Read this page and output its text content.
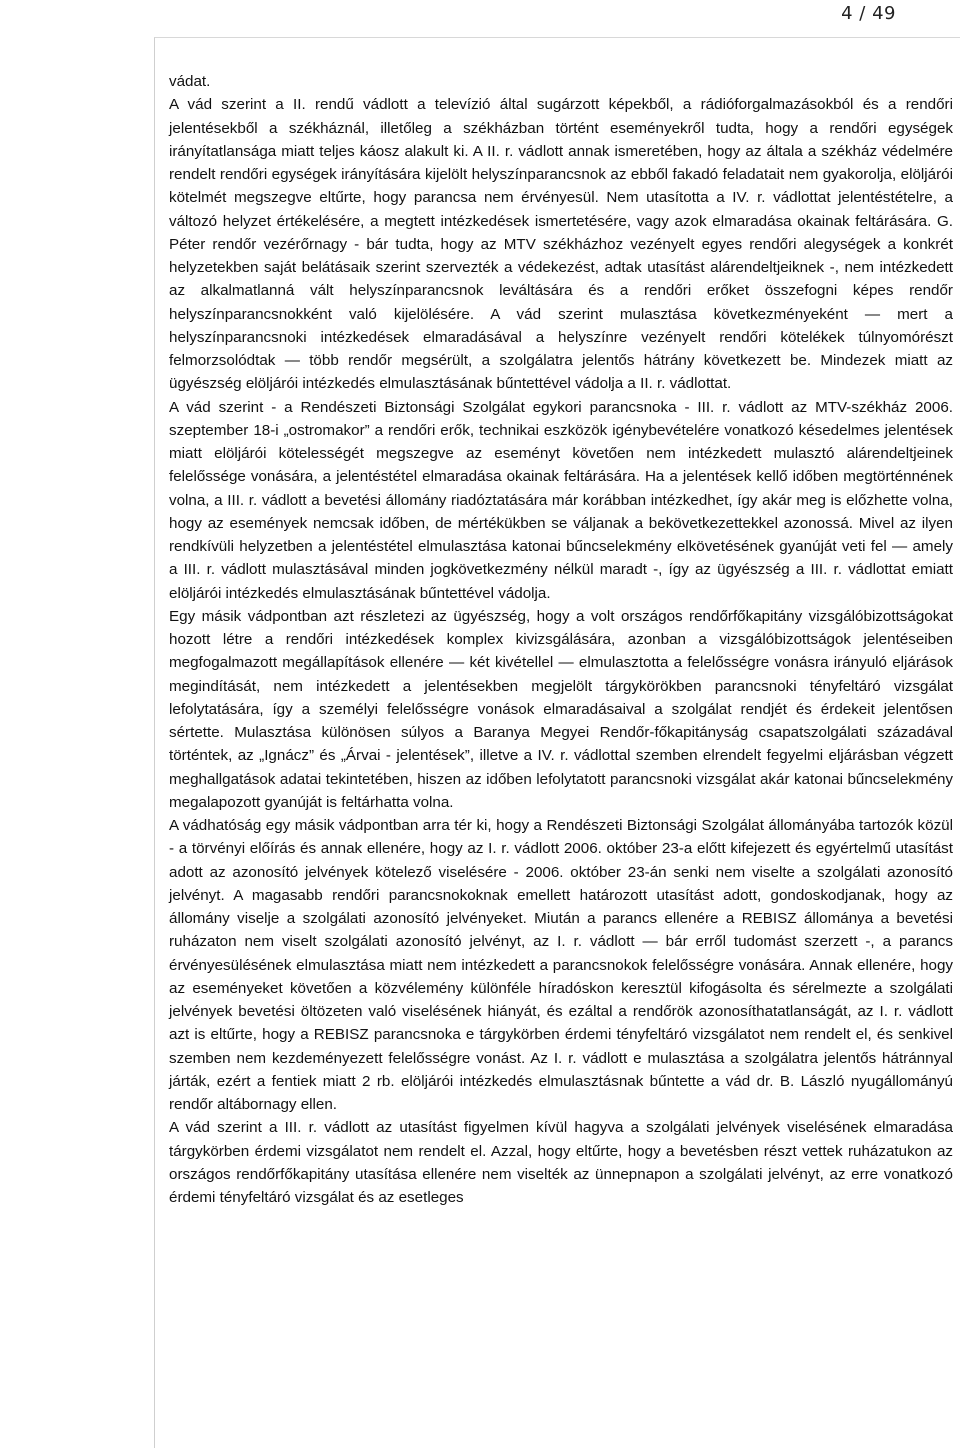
4 / 49

vádat.

A vád szerint a II. rendű vádlott a televízió által sugárzott képekből, a rádióforgalmazásokból és a rendőri jelentésekből a székháznál, illetőleg a székházban történt eseményekről tudta, hogy a rendőri egységek irányítatlansága miatt teljes káosz alakult ki. A II. r. vádlott annak ismeretében, hogy az általa a székház védelmére rendelt rendőri egységek irányítására kijelölt helyszínparancsnok az ebből fakadó feladatait nem gyakorolja, elöljárói kötelmét megszegve eltűrte, hogy parancsa nem érvényesül. Nem utasította a IV. r. vádlottat jelentéstételre, a változó helyzet értékelésére, a megtett intézkedések ismertetésére, vagy azok elmaradása okainak feltárására. G. Péter rendőr vezérőrnagy - bár tudta, hogy az MTV székházhoz vezényelt egyes rendőri alegységek a konkrét helyzetekben saját belátásaik szerint szervezték a védekezést, adtak utasítást alárendeltjeiknek -, nem intézkedett az alkalmatlanná vált helyszínparancsnok leváltására és a rendőri erőket összefogni képes rendőr helyszínparancsnokként való kijelölésére. A vád szerint mulasztása következményeként — mert a helyszínparancsnoki intézkedések elmaradásával a helyszínre vezényelt rendőri kötelékek túlnyomórészt felmorzsolódtak — több rendőr megsérült, a szolgálatra jelentős hátrány következett be. Mindezek miatt az ügyészség elöljárói intézkedés elmulasztásának bűntettével vádolja a II. r. vádlottat.

A vád szerint - a Rendészeti Biztonsági Szolgálat egykori parancsnoka - III. r. vádlott az MTV-székház 2006. szeptember 18-i „ostromakor” a rendőri erők, technikai eszközök igénybevételére vonatkozó késedelmes jelentések miatt elöljárói kötelességét megszegve az eseményt követően nem intézkedett mulasztó alárendeltjeinek felelőssége vonására, a jelentéstétel elmaradása okainak feltárására. Ha a jelentések kellő időben megtörténnének volna, a III. r. vádlott a bevetési állomány riadóztatására már korábban intézkedhet, így akár meg is előzhette volna, hogy az események nemcsak időben, de mértékükben se váljanak a bekövetkezettekkel azonossá. Mivel az ilyen rendkívüli helyzetben a jelentéstétel elmulasztása katonai bűncselekmény elkövetésének gyanúját veti fel — amely a III. r. vádlott mulasztásával minden jogkövetkezmény nélkül maradt -, így az ügyészség a III. r. vádlottat emiatt elöljárói intézkedés elmulasztásának bűntettével vádolja.

Egy másik vádpontban azt részletezi az ügyészség, hogy a volt országos rendőrfőkapitány vizsgálóbizottságokat hozott létre a rendőri intézkedések komplex kivizsgálására, azonban a vizsgálóbizottságok jelentéseiben megfogalmazott megállapítások ellenére — két kivétellel — elmulasztotta a felelősségre vonásra irányuló eljárások megindítását, nem intézkedett a jelentésekben megjelölt tárgykörökben parancsnoki tényfeltáró vizsgálat lefolytatására, így a személyi felelősségre vonások elmaradásaival a szolgálat rendjét és érdekeit jelentősen sértette. Mulasztása különösen súlyos a Baranya Megyei Rendőr-főkapitányság csapatszolgálati századával történtek, az „Ignácz” és „Árvai - jelentések”, illetve a IV. r. vádlottal szemben elrendelt fegyelmi eljárásban végzett meghallgatások adatai tekintetében, hiszen az időben lefolytatott parancsnoki vizsgálat akár katonai bűncselekmény megalapozott gyanúját is feltárhatta volna.

A vádhatóság egy másik vádpontban arra tér ki, hogy a Rendészeti Biztonsági Szolgálat állományába tartozók közül - a törvényi előírás és annak ellenére, hogy az I. r. vádlott 2006. október 23-a előtt kifejezett és egyértelmű utasítást adott az azonosító jelvények kötelező viselésére - 2006. október 23-án senki nem viselte a szolgálati azonosító jelvényt. A magasabb rendőri parancsnokoknak emellett határozott utasítást adott, gondoskodjanak, hogy az állomány viselje a szolgálati azonosító jelvényeket. Miután a parancs ellenére a REBISZ állománya a bevetési ruházaton nem viselt szolgálati azonosító jelvényt, az I. r. vádlott — bár erről tudomást szerzett -, a parancs érvényesülésének elmulasztása miatt nem intézkedett a parancsnokok felelősségre vonására. Annak ellenére, hogy az eseményeket követően a közvélemény különféle híradóskon keresztül kifogásolta és sérelmezte a szolgálati jelvények bevetési öltözeten való viselésének hiányát, és ezáltal a rendőrök azonosíthatatlanságát, az I. r. vádlott azt is eltűrte, hogy a REBISZ parancsnoka e tárgykörben érdemi tényfeltáró vizsgálatot nem rendelt el, és senkivel szemben nem kezdeményezett felelősségre vonást. Az I. r. vádlott e mulasztása a szolgálatra jelentős hátránnyal járták, ezért a fentiek miatt 2 rb. elöljárói intézkedés elmulasztásnak bűntette a vád dr. B. László nyugállományú rendőr altábornagy ellen.

A vád szerint a III. r. vádlott az utasítást figyelmen kívül hagyva a szolgálati jelvények viselésének elmaradása tárgykörben érdemi vizsgálatot nem rendelt el. Azzal, hogy eltűrte, hogy a bevetésben részt vettek ruházatukon az országos rendőrfőkapitány utasítása ellenére nem viselték az ünnepnapon a szolgálati jelvényt, az erre vonatkozó érdemi tényfeltáró vizsgálat és az esetleges
